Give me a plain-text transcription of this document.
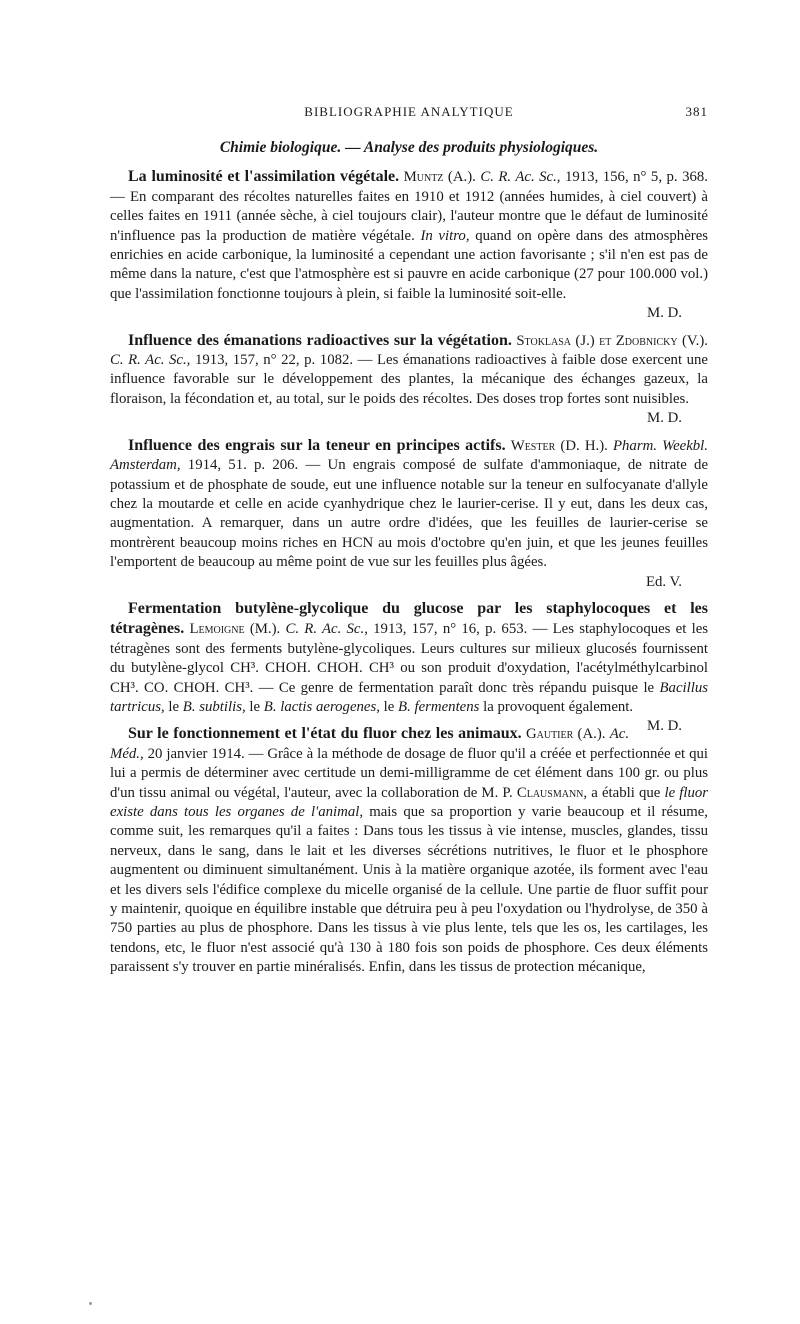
BIBLIOGRAPHIE ANALYTIQUE	381
Chimie biologique. — Analyse des produits physiologiques.

La luminosité et l'assimilation végétale. Muntz (A.). C. R. Ac. Sc., 1913, 156, n° 5, p. 368. — En comparant des récoltes naturelles faites en 1910 et 1912 (années humides, à ciel couvert) à celles faites en 1911 (année sèche, à ciel toujours clair), l'auteur montre que le défaut de luminosité n'influence pas la production de matière végétale. In vitro, quand on opère dans des atmosphères enrichies en acide carbonique, la luminosité a cependant une action favorisante ; s'il n'en est pas de même dans la nature, c'est que l'atmosphère est si pauvre en acide carbonique (27 pour 100.000 vol.) que l'assimilation fonctionne toujours à plein, si faible la luminosité soit-elle.
M. D.

Influence des émanations radioactives sur la végétation. Stoklasa (J.) et Zdobnicky (V.). C. R. Ac. Sc., 1913, 157, n° 22, p. 1082. — Les émanations radioactives à faible dose exercent une influence favorable sur le développement des plantes, la mécanique des échanges gazeux, la floraison, la fécondation et, au total, sur le poids des récoltes. Des doses trop fortes sont nuisibles.
M. D.

Influence des engrais sur la teneur en principes actifs. Wester (D. H.). Pharm. Weekbl. Amsterdam, 1914, 51. p. 206. — Un engrais composé de sulfate d'ammoniaque, de nitrate de potassium et de phosphate de soude, eut une influence notable sur la teneur en sulfocyanate d'allyle chez la moutarde et celle en acide cyanhydrique chez le laurier-cerise. Il y eut, dans les deux cas, augmentation. A remarquer, dans un autre ordre d'idées, que les feuilles de laurier-cerise se montrèrent beaucoup moins riches en HCN au mois d'octobre qu'en juin, et que les jeunes feuilles l'emportent de beaucoup au même point de vue sur les feuilles plus âgées.
Ed. V.

Fermentation butylène-glycolique du glucose par les staphylocoques et les tétragènes. Lemoigne (M.). C. R. Ac. Sc., 1913, 157, n° 16, p. 653. — Les staphylocoques et les tétragènes sont des ferments butylène-glycoliques. Leurs cultures sur milieux glucosés fournissent du butylène-glycol CH³. CHOH. CHOH. CH³ ou son produit d'oxydation, l'acétylméthylcarbinol CH³. CO. CHOH. CH³. — Ce genre de fermentation paraît donc très répandu puisque le Bacillus tartricus, le B. subtilis, le B. lactis aerogenes, le B. fermentens la provoquent également.
M. D.

Sur le fonctionnement et l'état du fluor chez les animaux. Gautier (A.). Ac. Méd., 20 janvier 1914. — Grâce à la méthode de dosage de fluor qu'il a créée et perfectionnée et qui lui a permis de déterminer avec certitude un demi-milligramme de cet élément dans 100 gr. ou plus d'un tissu animal ou végétal, l'auteur, avec la collaboration de M. P. Clausmann, a établi que le fluor existe dans tous les organes de l'animal, mais que sa proportion y varie beaucoup et il résume, comme suit, les remarques qu'il a faites : Dans tous les tissus à vie intense, muscles, glandes, tissu nerveux, dans le sang, dans le lait et les diverses sécrétions nutritives, le fluor et le phosphore augmentent ou diminuent simultanément. Unis à la matière organique azotée, ils forment avec l'eau et les divers sels l'édifice complexe du micelle organisé de la cellule. Une partie de fluor suffit pour y maintenir, quoique en équilibre instable que détruira peu à peu l'oxydation ou l'hydrolyse, de 350 à 750 parties au plus de phosphore. Dans les tissus à vie plus lente, tels que les os, les cartilages, les tendons, etc, le fluor n'est associé qu'à 130 à 180 fois son poids de phosphore. Ces deux éléments paraissent s'y trouver en partie minéralisés. Enfin, dans les tissus de protection mécanique,
